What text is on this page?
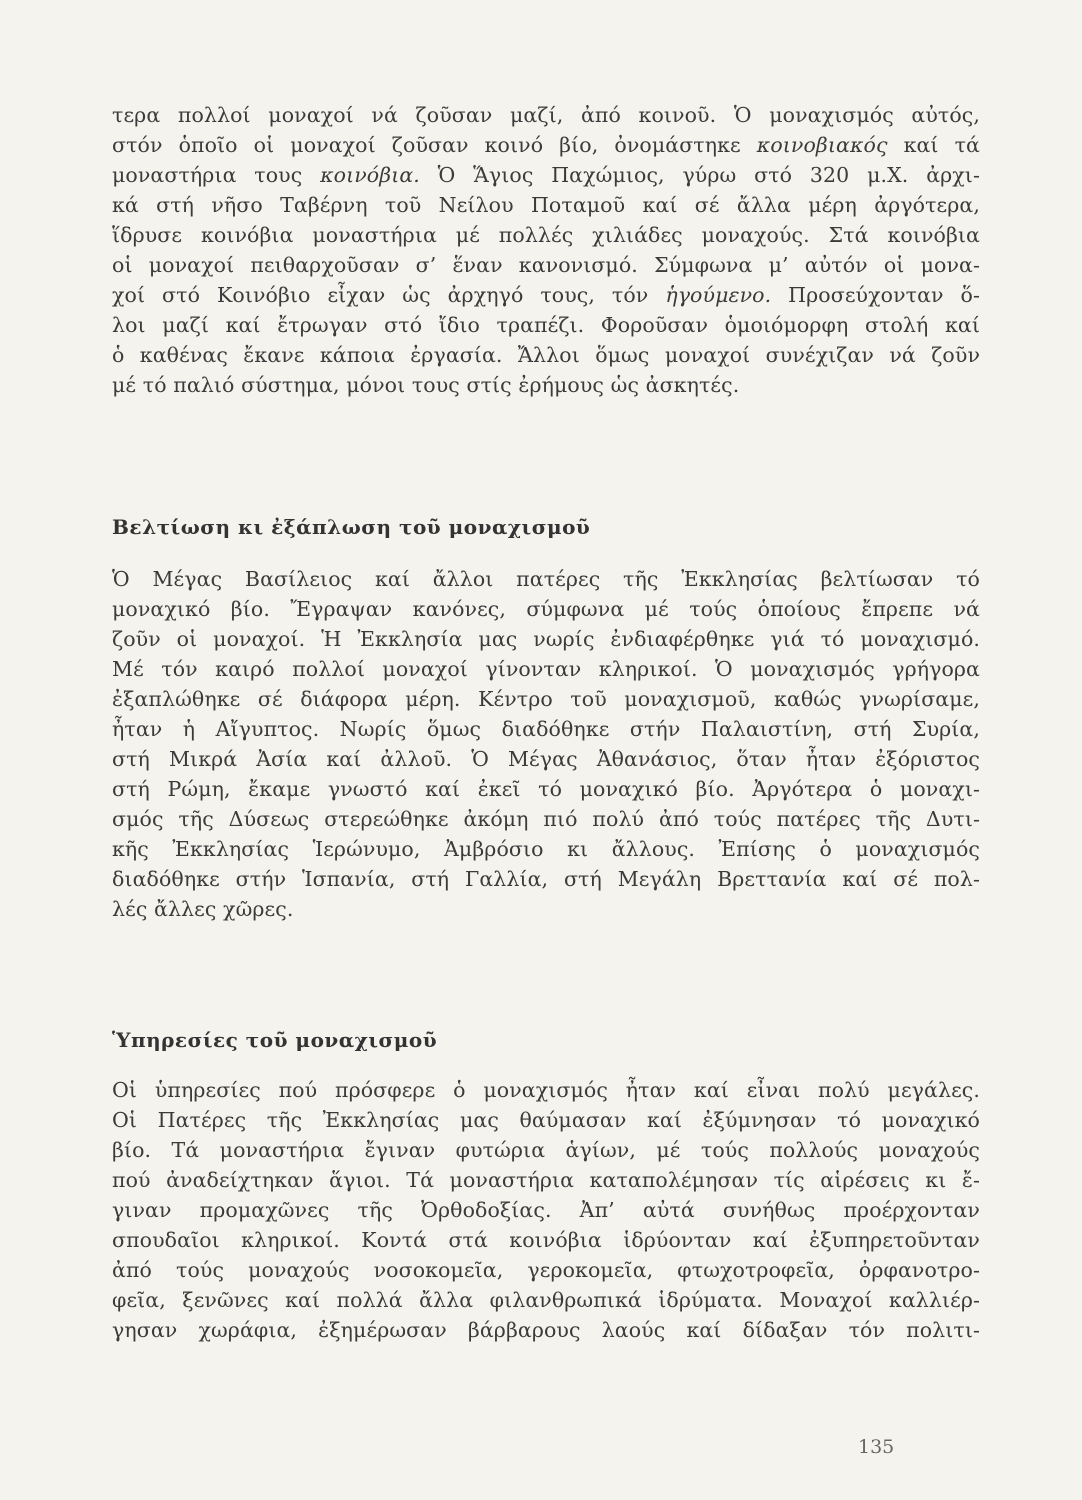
τερα πολλοί μοναχοί νά ζοῦσαν μαζί, ἀπό κοινοῦ. Ὁ μοναχισμός αὐτός,
στόν ὁποῖο οἱ μοναχοί ζοῦσαν κοινό βίο, ὀνομάστηκε κοινοβιακός καί τά
μοναστήρια τους κοινόβια. Ὁ Ἅγιος Παχώμιος, γύρω στό 320 μ.Χ. ἀρχι-
κά στή νῆσο Ταβέρνη τοῦ Νείλου Ποταμοῦ καί σέ ἄλλα μέρη ἀργότερα,
ἵδρυσε κοινόβια μοναστήρια μέ πολλές χιλιάδες μοναχούς. Στά κοινόβια
οἱ μοναχοί πειθαρχοῦσαν σ’ ἕναν κανονισμό. Σύμφωνα μ’ αὐτόν οἱ μονα-
χοί στό Κοινόβιο εἶχαν ὡς ἀρχηγό τους, τόν ἡγούμενο. Προσεύχονταν ὅ-
λοι μαζί καί ἔτρωγαν στό ἴδιο τραπέζι. Φοροῦσαν ὁμοιόμορφη στολή καί
ὁ καθένας ἔκανε κάποια ἐργασία. Ἄλλοι ὅμως μοναχοί συνέχιζαν νά ζοῦν
μέ τό παλιό σύστημα, μόνοι τους στίς ἐρήμους ὡς ἀσκητές.
Βελτίωση κι ἐξάπλωση τοῦ μοναχισμοῦ
Ὁ Μέγας Βασίλειος καί ἄλλοι πατέρες τῆς Ἐκκλησίας βελτίωσαν τό
μοναχικό βίο. Ἔγραψαν κανόνες, σύμφωνα μέ τούς ὁποίους ἔπρεπε νά
ζοῦν οἱ μοναχοί. Ἡ Ἐκκλησία μας νωρίς ἐνδιαφέρθηκε γιά τό μοναχισμό.
Μέ τόν καιρό πολλοί μοναχοί γίνονταν κληρικοί. Ὁ μοναχισμός γρήγορα
ἐξαπλώθηκε σέ διάφορα μέρη. Κέντρο τοῦ μοναχισμοῦ, καθώς γνωρίσαμε,
ἦταν ἡ Αἴγυπτος. Νωρίς ὅμως διαδόθηκε στήν Παλαιστίνη, στή Συρία,
στή Μικρά Ἀσία καί ἀλλοῦ. Ὁ Μέγας Ἀθανάσιος, ὅταν ἦταν ἐξόριστος
στή Ρώμη, ἔκαμε γνωστό καί ἐκεῖ τό μοναχικό βίο. Ἀργότερα ὁ μοναχι-
σμός τῆς Δύσεως στερεώθηκε ἀκόμη πιό πολύ ἀπό τούς πατέρες τῆς Δυτι-
κῆς Ἐκκλησίας Ἱερώνυμο, Ἀμβρόσιο κι ἄλλους. Ἐπίσης ὁ μοναχισμός
διαδόθηκε στήν Ἱσπανία, στή Γαλλία, στή Μεγάλη Βρεττανία καί σέ πολ-
λές ἄλλες χῶρες.
Ὑπηρεσίες τοῦ μοναχισμοῦ
Οἱ ὑπηρεσίες πού πρόσφερε ὁ μοναχισμός ἦταν καί εἶναι πολύ μεγάλες.
Οἱ Πατέρες τῆς Ἐκκλησίας μας θαύμασαν καί ἐξύμνησαν τό μοναχικό
βίο. Τά μοναστήρια ἔγιναν φυτώρια ἁγίων, μέ τούς πολλούς μοναχούς
πού ἀναδείχτηκαν ἅγιοι. Τά μοναστήρια καταπολέμησαν τίς αἱρέσεις κι ἔ-
γιναν προμαχῶνες τῆς Ὀρθοδοξίας. Ἀπ’ αὐτά συνήθως προέρχονταν
σπουδαῖοι κληρικοί. Κοντά στά κοινόβια ἱδρύονταν καί ἐξυπηρετοῦνταν
ἀπό τούς μοναχούς νοσοκομεῖα, γεροκομεῖα, φτωχοτροφεῖα, ὀρφανοτρο-
φεῖα, ξενῶνες καί πολλά ἄλλα φιλανθρωπικά ἱδρύματα. Μοναχοί καλλιέρ-
γησαν χωράφια, ἐξημέρωσαν βάρβαρους λαούς καί δίδαξαν τόν πολιτι-
135
